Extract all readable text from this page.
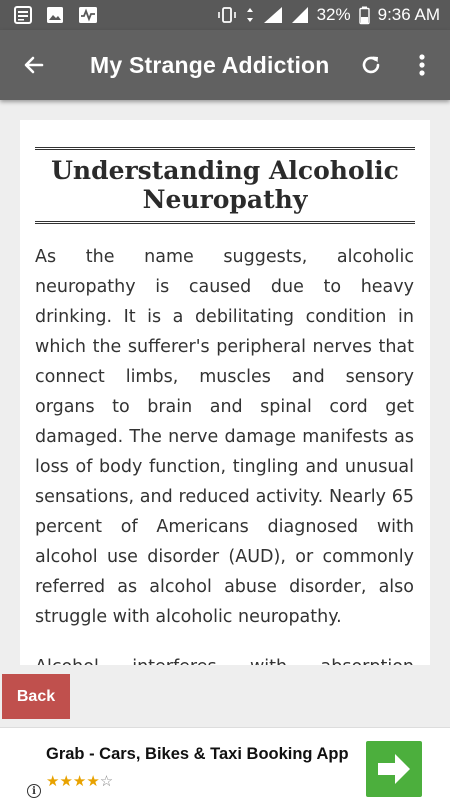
32% 9:36 AM
My Strange Addiction
Understanding Alcoholic Neuropathy

As the name suggests, alcoholic neuropathy is caused due to heavy drinking. It is a debilitating condition in which the sufferer's peripheral nerves that connect limbs, muscles and sensory organs to brain and spinal cord get damaged. The nerve damage manifests as loss of body function, tingling and unusual sensations, and reduced activity. Nearly 65 percent of Americans diagnosed with alcohol use disorder (AUD), or commonly referred as alcohol abuse disorder, also struggle with alcoholic neuropathy.

Back
Grab - Cars, Bikes & Taxi Booking App
★★★★☆
i
